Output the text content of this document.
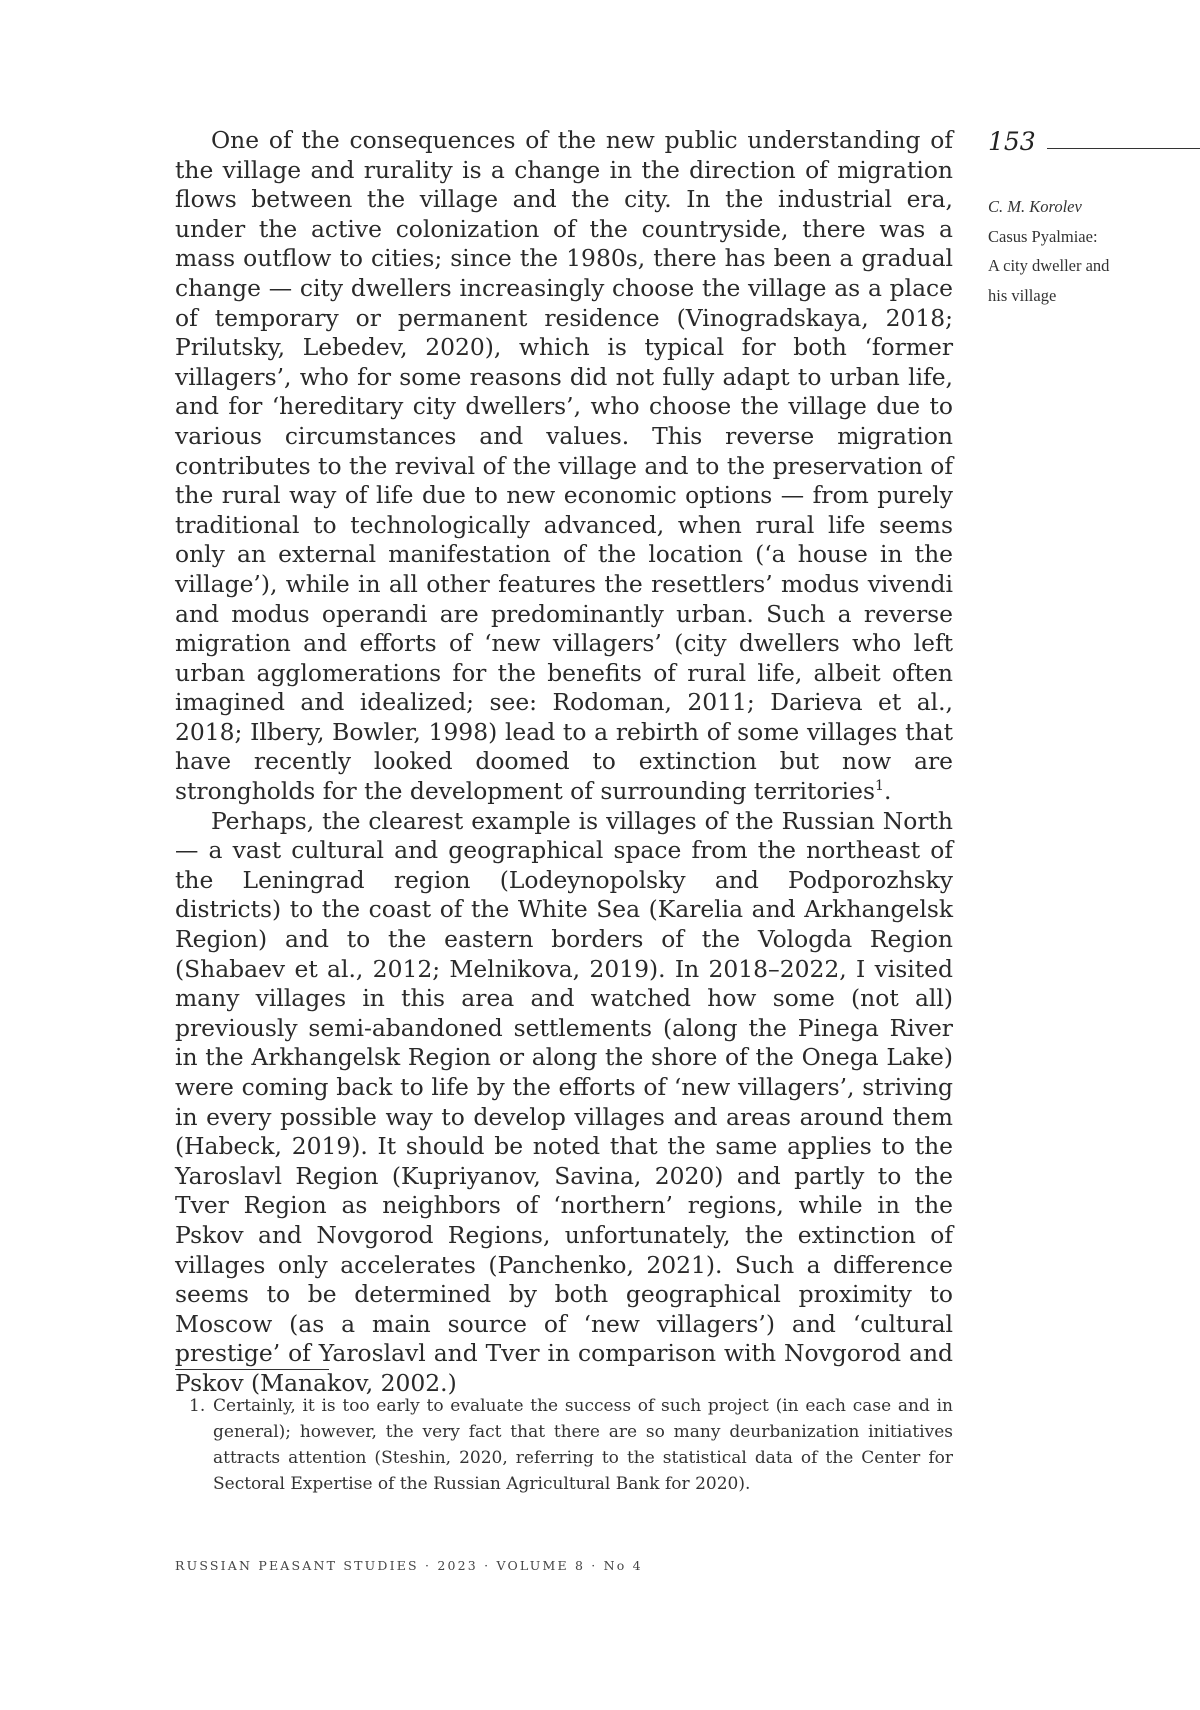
153
C. M. Korolev
Casus Pyalmiae:
A city dweller and
his village

One of the consequences of the new public understanding of the village and rurality is a change in the direction of migration flows between the village and the city. In the industrial era, under the active colonization of the countryside, there was a mass outflow to cities; since the 1980s, there has been a gradual change — city dwellers increasingly choose the village as a place of temporary or permanent residence (Vinogradskaya, 2018; Prilutsky, Lebedev, 2020), which is typical for both ‘former villagers’, who for some reasons did not fully adapt to urban life, and for ‘hereditary city dwellers’, who choose the village due to various circumstances and values. This reverse migration contributes to the revival of the village and to the preservation of the rural way of life due to new economic options — from purely traditional to technologically advanced, when rural life seems only an external manifestation of the location (‘a house in the village’), while in all other features the resettlers’ modus vivendi and modus operandi are predominantly urban. Such a reverse migration and efforts of ‘new villagers’ (city dwellers who left urban agglomerations for the benefits of rural life, albeit often imagined and idealized; see: Rodoman, 2011; Darieva et al., 2018; Ilbery, Bowler, 1998) lead to a rebirth of some villages that have recently looked doomed to extinction but now are strongholds for the development of surrounding territories$^1$.

Perhaps, the clearest example is villages of the Russian North — a vast cultural and geographical space from the northeast of the Leningrad region (Lodeynopolsky and Podporozhsky districts) to the coast of the White Sea (Karelia and Arkhangelsk Region) and to the eastern borders of the Vologda Region (Shabaev et al., 2012; Melnikova, 2019). In 2018–2022, I visited many villages in this area and watched how some (not all) previously semi-abandoned settlements (along the Pinega River in the Arkhangelsk Region or along the shore of the Onega Lake) were coming back to life by the efforts of ‘new villagers’, striving in every possible way to develop villages and areas around them (Habeck, 2019). It should be noted that the same applies to the Yaroslavl Region (Kupriyanov, Savina, 2020) and partly to the Tver Region as neighbors of ‘northern’ regions, while in the Pskov and Novgorod Regions, unfortunately, the extinction of villages only accelerates (Panchenko, 2021). Such a difference seems to be determined by both geographical proximity to Moscow (as a main source of ‘new villagers’) and ‘cultural prestige’ of Yaroslavl and Tver in comparison with Novgorod and Pskov (Manakov, 2002.)

1. Certainly, it is too early to evaluate the success of such project (in each case and in general); however, the very fact that there are so many deurbanization initiatives attracts attention (Steshin, 2020, referring to the statistical data of the Center for Sectoral Expertise of the Russian Agricultural Bank for 2020).
RUSSIAN PEASANT STUDIES · 2023 · VOLUME 8 · No 4
